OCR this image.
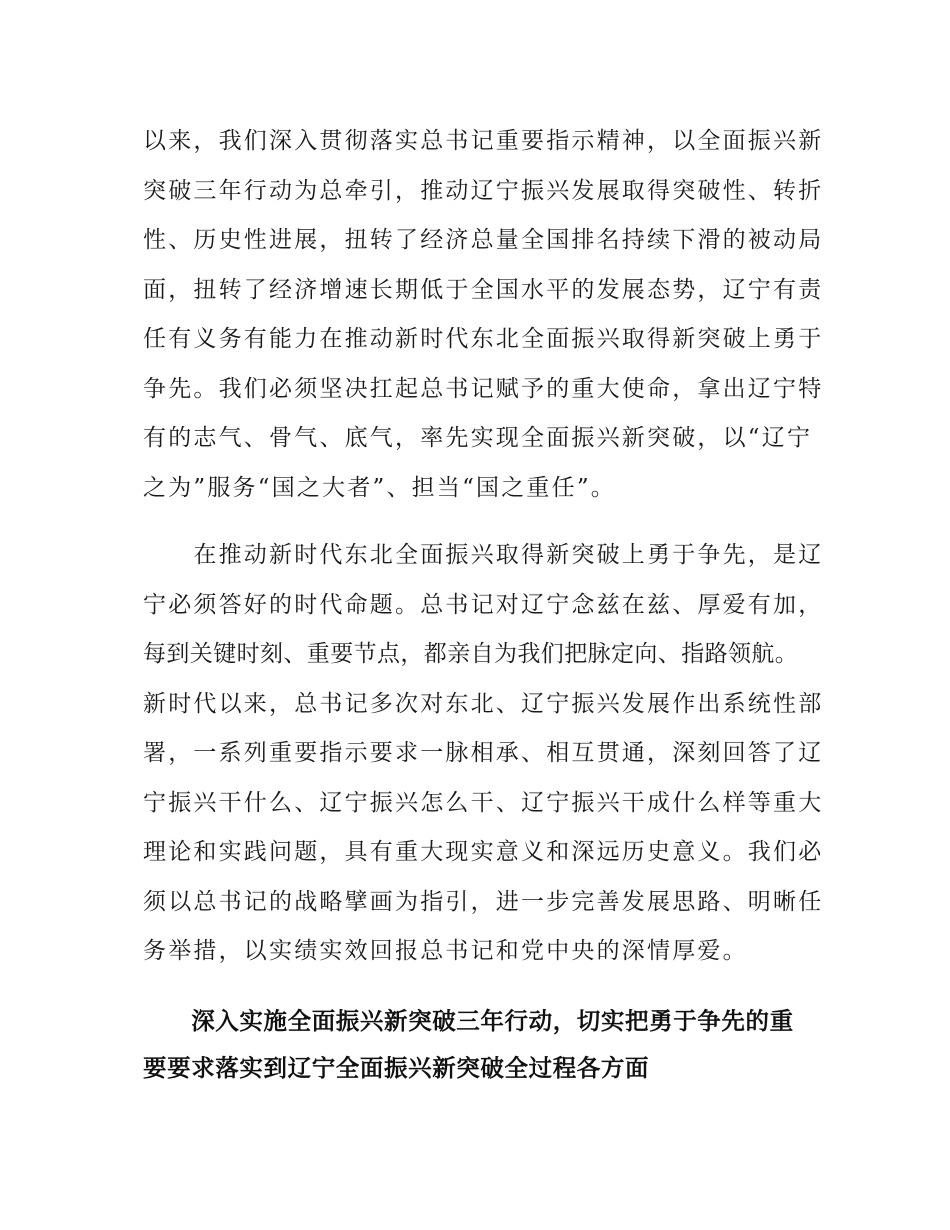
以来，我们深入贯彻落实总书记重要指示精神，以全面振兴新
突破三年行动为总牵引，推动辽宁振兴发展取得突破性、转折
性、历史性进展，扭转了经济总量全国排名持续下滑的被动局
面，扭转了经济增速长期低于全国水平的发展态势，辽宁有责
任有义务有能力在推动新时代东北全面振兴取得新突破上勇于
争先。我们必须坚决扛起总书记赋予的重大使命，拿出辽宁特
有的志气、骨气、底气，率先实现全面振兴新突破，以“辽宁
之为”服务“国之大者”、担当“国之重任”。
　　在推动新时代东北全面振兴取得新突破上勇于争先，是辽
宁必须答好的时代命题。总书记对辽宁念兹在兹、厚爱有加，
每到关键时刻、重要节点，都亲自为我们把脉定向、指路领航。
新时代以来，总书记多次对东北、辽宁振兴发展作出系统性部
署，一系列重要指示要求一脉相承、相互贯通，深刻回答了辽
宁振兴干什么、辽宁振兴怎么干、辽宁振兴干成什么样等重大
理论和实践问题，具有重大现实意义和深远历史意义。我们必
须以总书记的战略擘画为指引，进一步完善发展思路、明晰任
务举措，以实绩实效回报总书记和党中央的深情厚爱。
　　深入实施全面振兴新突破三年行动，切实把勇于争先的重
要要求落实到辽宁全面振兴新突破全过程各方面
